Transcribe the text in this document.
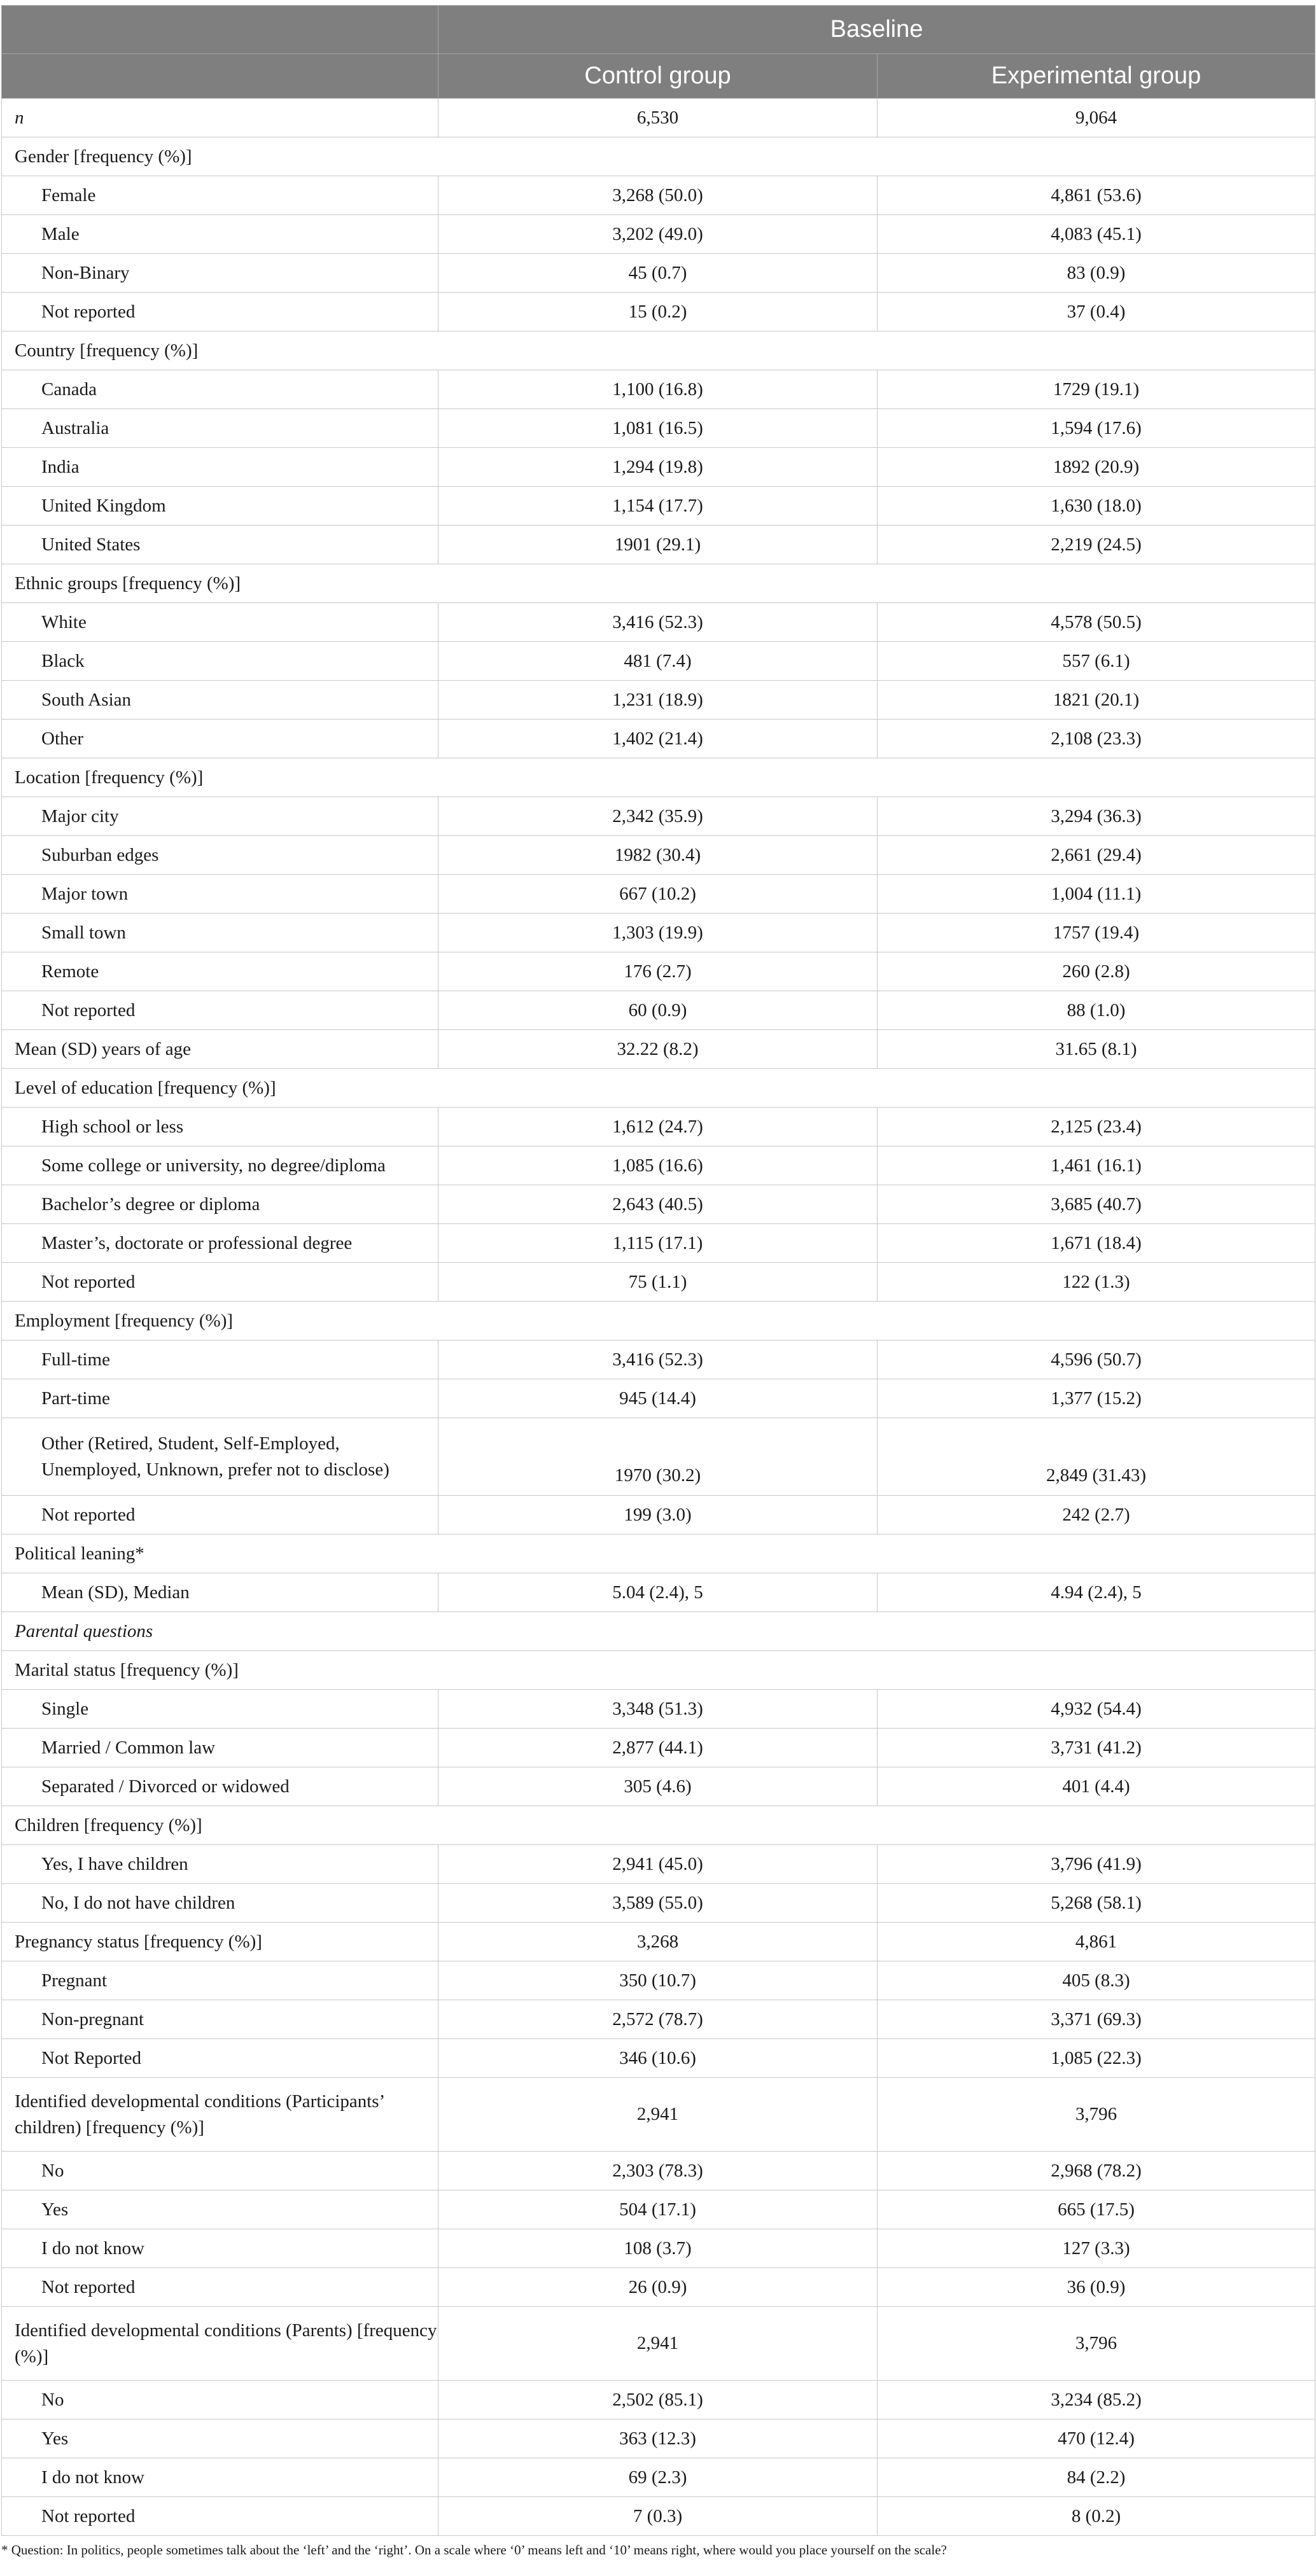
	Baseline	
	Control group	Experimental group
n	6,530	9,064
Gender [frequency (%)]		
Female	3,268 (50.0)	4,861 (53.6)
Male	3,202 (49.0)	4,083 (45.1)
Non-Binary	45 (0.7)	83 (0.9)
Not reported	15 (0.2)	37 (0.4)
Country [frequency (%)]		
Canada	1,100 (16.8)	1729 (19.1)
Australia	1,081 (16.5)	1,594 (17.6)
India	1,294 (19.8)	1892 (20.9)
United Kingdom	1,154 (17.7)	1,630 (18.0)
United States	1901 (29.1)	2,219 (24.5)
Ethnic groups [frequency (%)]		
White	3,416 (52.3)	4,578 (50.5)
Black	481 (7.4)	557 (6.1)
South Asian	1,231 (18.9)	1821 (20.1)
Other	1,402 (21.4)	2,108 (23.3)
Location [frequency (%)]		
Major city	2,342 (35.9)	3,294 (36.3)
Suburban edges	1982 (30.4)	2,661 (29.4)
Major town	667 (10.2)	1,004 (11.1)
Small town	1,303 (19.9)	1757 (19.4)
Remote	176 (2.7)	260 (2.8)
Not reported	60 (0.9)	88 (1.0)
Mean (SD) years of age	32.22 (8.2)	31.65 (8.1)
Level of education [frequency (%)]		
High school or less	1,612 (24.7)	2,125 (23.4)
Some college or university, no degree/diploma	1,085 (16.6)	1,461 (16.1)
Bachelor’s degree or diploma	2,643 (40.5)	3,685 (40.7)
Master’s, doctorate or professional degree	1,115 (17.1)	1,671 (18.4)
Not reported	75 (1.1)	122 (1.3)
Employment [frequency (%)]		
Full-time	3,416 (52.3)	4,596 (50.7)
Part-time	945 (14.4)	1,377 (15.2)
Other (Retired, Student, Self-Employed, Unemployed, Unknown, prefer not to disclose)	1970 (30.2)	2,849 (31.43)
Not reported	199 (3.0)	242 (2.7)
Political leaning*		
Mean (SD), Median	5.04 (2.4), 5	4.94 (2.4), 5
Parental questions		
Marital status [frequency (%)]		
Single	3,348 (51.3)	4,932 (54.4)
Married / Common law	2,877 (44.1)	3,731 (41.2)
Separated / Divorced or widowed	305 (4.6)	401 (4.4)
Children [frequency (%)]		
Yes, I have children	2,941 (45.0)	3,796 (41.9)
No, I do not have children	3,589 (55.0)	5,268 (58.1)
Pregnancy status [frequency (%)]	3,268	4,861
Pregnant	350 (10.7)	405 (8.3)
Non-pregnant	2,572 (78.7)	3,371 (69.3)
Not Reported	346 (10.6)	1,085 (22.3)
Identified developmental conditions (Participants’ children) [frequency (%)]	2,941	3,796
No	2,303 (78.3)	2,968 (78.2)
Yes	504 (17.1)	665 (17.5)
I do not know	108 (3.7)	127 (3.3)
Not reported	26 (0.9)	36 (0.9)
Identified developmental conditions (Parents) [frequency (%)]	2,941	3,796
No	2,502 (85.1)	3,234 (85.2)
Yes	363 (12.3)	470 (12.4)
I do not know	69 (2.3)	84 (2.2)
Not reported	7 (0.3)	8 (0.2)
* Question: In politics, people sometimes talk about the ‘left’ and the ‘right’. On a scale where ‘0’ means left and ‘10’ means right, where would you place yourself on the scale?
